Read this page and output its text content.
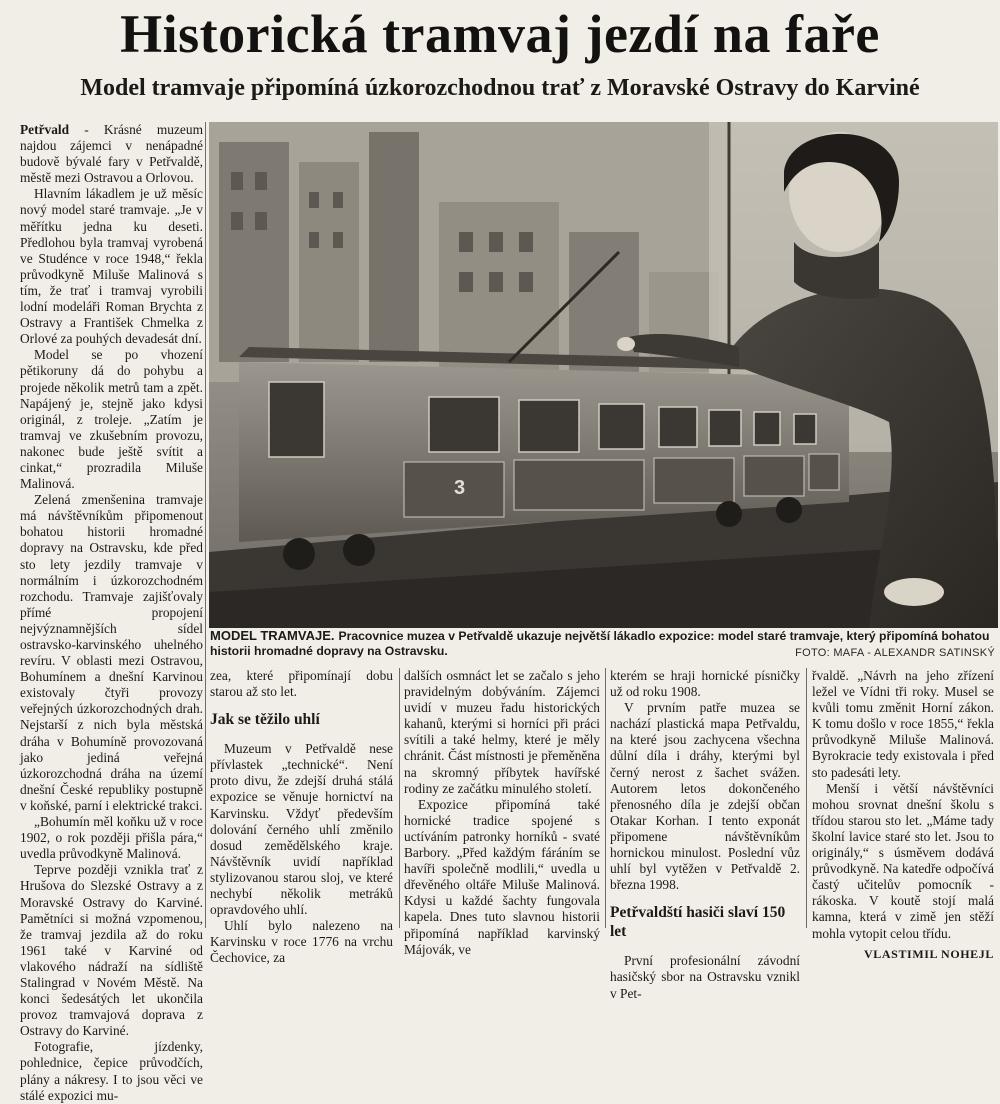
Historická tramvaj jezdí na faře
Model tramvaje připomíná úzkorozchodnou trať z Moravské Ostravy do Karviné

Petřvald - Krásné muzeum najdou zájemci v nenápadné budově bývalé fary v Petřvaldě, městě mezi Ostravou a Orlovou.

Hlavním lákadlem je už měsíc nový model staré tramvaje. „Je v měřítku jedna ku deseti. Předlohou byla tramvaj vyrobená ve Studénce v roce 1948,“ řekla průvodkyně Miluše Malinová s tím, že trať i tramvaj vyrobili lodní modeláři Roman Brychta z Ostravy a František Chmelka z Orlové za pouhých devadesát dní.

Model se po vhození pětikoruny dá do pohybu a projede několik metrů tam a zpět. Napájený je, stejně jako kdysi originál, z troleje. „Zatím je tramvaj ve zkušebním provozu, nakonec bude ještě svítit a cinkat,“ prozradila Miluše Malinová.

Zelená zmenšenina tramvaje má návštěvníkům připomenout bohatou historii hromadné dopravy na Ostravsku, kde před sto lety jezdily tramvaje v normálním i úzkorozchodném rozchodu. Tramvaje zajišťovaly přímé propojení nejvýznamnějších sídel ostravsko-karvinského uhelného revíru. V oblasti mezi Ostravou, Bohumínem a dnešní Karvinou existovaly čtyři provozy veřejných úzkorozchodných drah. Nejstarší z nich byla městská dráha v Bohumíně provozovaná jako jediná veřejná úzkorozchodná dráha na území dnešní České republiky postupně v koňské, parní i elektrické trakci.

„Bohumín měl koňku už v roce 1902, o rok později přišla pára,“ uvedla průvodkyně Malinová.

Teprve později vznikla trať z Hrušova do Slezské Ostravy a z Moravské Ostravy do Karviné. Pamětníci si možná vzpomenou, že tramvaj jezdila až do roku 1961 také v Karviné od vlakového nádraží na sídliště Stalingrad v Novém Městě. Na konci šedesátých let ukončila provoz tramvajová doprava z Ostravy do Karviné.

Fotografie, jízdenky, pohlednice, čepice průvodčích, plány a nákresy. I to jsou věci ve stálé expozici mu-

3
MODEL TRAMVAJE. Pracovnice muzea v Petřvaldě ukazuje největší lákadlo expozice: model staré tramvaje, který připomíná bohatou historii hromadné dopravy na Ostravsku.	FOTO: MAFA - ALEXANDR SATINSKÝ

zea, které připomínají dobu starou až sto let.

Jak se těžilo uhlí

Muzeum v Petřvaldě nese přívlastek „technické“. Není proto divu, že zdejší druhá stálá expozice se věnuje hornictví na Karvinsku. Vždyť především dolování černého uhlí změnilo dosud zemědělského kraje. Návštěvník uvidí například stylizovanou starou sloj, ve které nechybí několik metráků opravdového uhlí.

Uhlí bylo nalezeno na Karvinsku v roce 1776 na vrchu Čechovice, za

dalších osmnáct let se začalo s jeho pravidelným dobýváním. Zájemci uvidí v muzeu řadu historických kahanů, kterými si horníci při práci svítili a také helmy, které je měly chránit. Část místnosti je přeměněna na skromný příbytek havířské rodiny ze začátku minulého století.

Expozice připomíná také hornické tradice spojené s uctíváním patronky horníků - svaté Barbory. „Před každým fáráním se havíři společně modlili,“ uvedla u dřevěného oltáře Miluše Malinová. Kdysi u každé šachty fungovala kapela. Dnes tuto slavnou historii připomíná například karvinský Májovák, ve

kterém se hraji hornické písničky už od roku 1908.

V prvním patře muzea se nachází plastická mapa Petřvaldu, na které jsou zachycena všechna důlní díla i dráhy, kterými byl černý nerost z šachet svážen. Autorem letos dokončeného přenosného díla je zdejší občan Otakar Korhan. I tento exponát připomene návštěvníkům hornickou minulost. Poslední vůz uhlí byl vytěžen v Petřvaldě 2. března 1998.

Petřvaldští hasiči slaví 150 let

První profesionální závodní hasičský sbor na Ostravsku vznikl v Pet-

řvaldě. „Návrh na jeho zřízení ležel ve Vídni tři roky. Musel se kvůli tomu změnit Horní zákon. K tomu došlo v roce 1855,“ řekla průvodkyně Miluše Malinová. Byrokracie tedy existovala i před sto padesáti lety.

Menší i větší návštěvníci mohou srovnat dnešní školu s třídou starou sto let. „Máme tady školní lavice staré sto let. Jsou to originály,“ s úsměvem dodává průvodkyně. Na katedře odpočívá častý učitelův pomocník - rákoska. V koutě stojí malá kamna, která v zimě jen stěží mohla vytopit celou třídu.

VLASTIMIL NOHEJL
